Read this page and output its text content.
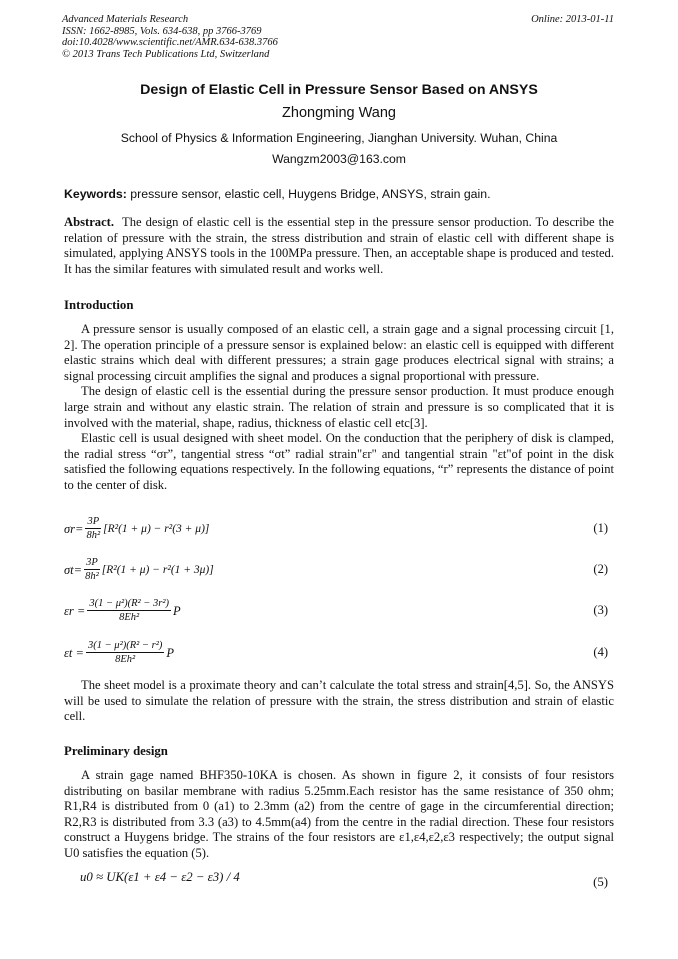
Advanced Materials Research
ISSN: 1662-8985, Vols. 634-638, pp 3766-3769
doi:10.4028/www.scientific.net/AMR.634-638.3766
© 2013 Trans Tech Publications Ltd, Switzerland
Online: 2013-01-11
Design of Elastic Cell in Pressure Sensor Based on ANSYS
Zhongming Wang
School of Physics & Information Engineering, Jianghan University. Wuhan, China
Wangzm2003@163.com
Keywords: pressure sensor, elastic cell, Huygens Bridge, ANSYS, strain gain.

Abstract. The design of elastic cell is the essential step in the pressure sensor production. To describe the relation of pressure with the strain, the stress distribution and strain of elastic cell with different shape is simulated, applying ANSYS tools in the 100MPa pressure. Then, an acceptable shape is produced and tested. It has the similar features with simulated result and works well.

Introduction

A pressure sensor is usually composed of an elastic cell, a strain gage and a signal processing circuit [1, 2]. The operation principle of a pressure sensor is explained below: an elastic cell is equipped with different elastic strains which deal with different pressures; a strain gage produces electrical signal with strains; a signal processing circuit amplifies the signal and produces a signal proportional with pressure.

The design of elastic cell is the essential during the pressure sensor production. It must produce enough large strain and without any elastic strain. The relation of strain and pressure is so complicated that it is involved with the material, shape, radius, thickness of elastic cell etc[3].

Elastic cell is usual designed with sheet model. On the conduction that the periphery of disk is clamped, the radial stress “σr”, tangential stress “σt” radial strain"εr" and tangential strain "εt"of point in the disk satisfied the following equations respectively. In the following equations, “r” represents the distance of point to the center of disk.

$\sigma r= \frac{3P}{\text{8h²}} [R^2(1 + \mu) - r^2(3 + \mu)]$	(1)
$\sigma t= \frac{3P}{\text{8h²}} [R^2(1 + \mu) - r^2(1 + 3\mu)]$	(2)
$\varepsilon r = \frac{\text{3(1 − μ²)(R² − 3r²)}}{\text{8Eh²}}$ P	(3)
$\varepsilon t = \frac{\text{3(1 − μ²)(R² − r²)}}{\text{8Eh²}}$ P	(4)

The sheet model is a proximate theory and can’t calculate the total stress and strain[4,5]. So, the ANSYS will be used to simulate the relation of pressure with the strain, the stress distribution and strain of elastic cell.

Preliminary design

A strain gage named BHF350-10KA is chosen. As shown in figure 2, it consists of four resistors distributing on basilar membrane with radius 5.25mm.Each resistor has the same resistance of 350 ohm; R1,R4 is distributed from 0 (a1) to 2.3mm (a2) from the centre of gage in the circumferential direction; R2,R3 is distributed from 3.3 (a3) to 4.5mm(a4) from the centre in the radial direction. These four resistors construct a Huygens bridge. The strains of the four resistors are ε1,ε4,ε2,ε3 respectively; the output signal U0 satisfies the equation (5).

u0 ≈ UK(ε1 + ε4 − ε2 − ε3) / 4	(5)
